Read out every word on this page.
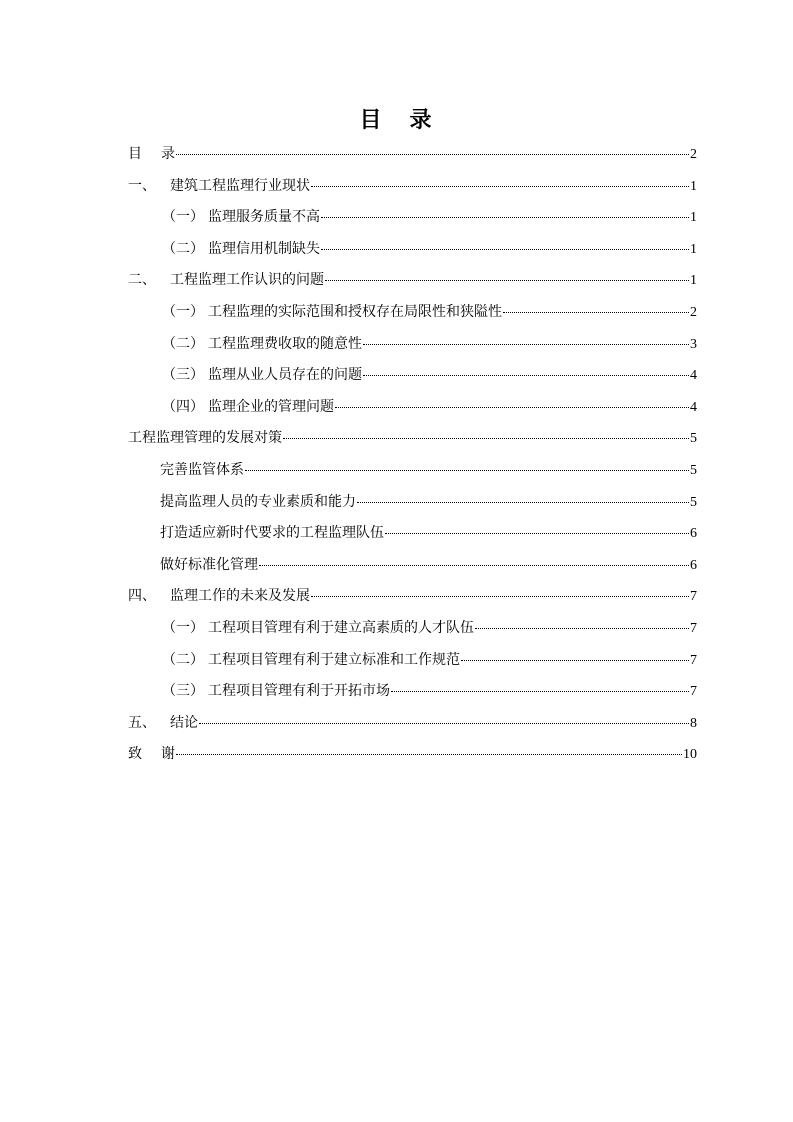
目 录
目	录	2
一、	建筑工程监理行业现状	1
（一） 监理服务质量不高	1
（二） 监理信用机制缺失	1
二、	工程监理工作认识的问题	1
（一） 工程监理的实际范围和授权存在局限性和狭隘性	2
（二） 工程监理费收取的随意性	3
（三） 监理从业人员存在的问题	4
（四） 监理企业的管理问题	4
工程监理管理的发展对策	5
完善监管体系	5
提高监理人员的专业素质和能力	5
打造适应新时代要求的工程监理队伍	6
做好标准化管理	6
四、	监理工作的未来及发展	7
（一） 工程项目管理有利于建立高素质的人才队伍	7
（二） 工程项目管理有利于建立标准和工作规范	7
（三） 工程项目管理有利于开拓市场	7
五、	结论	8
致	谢	10
